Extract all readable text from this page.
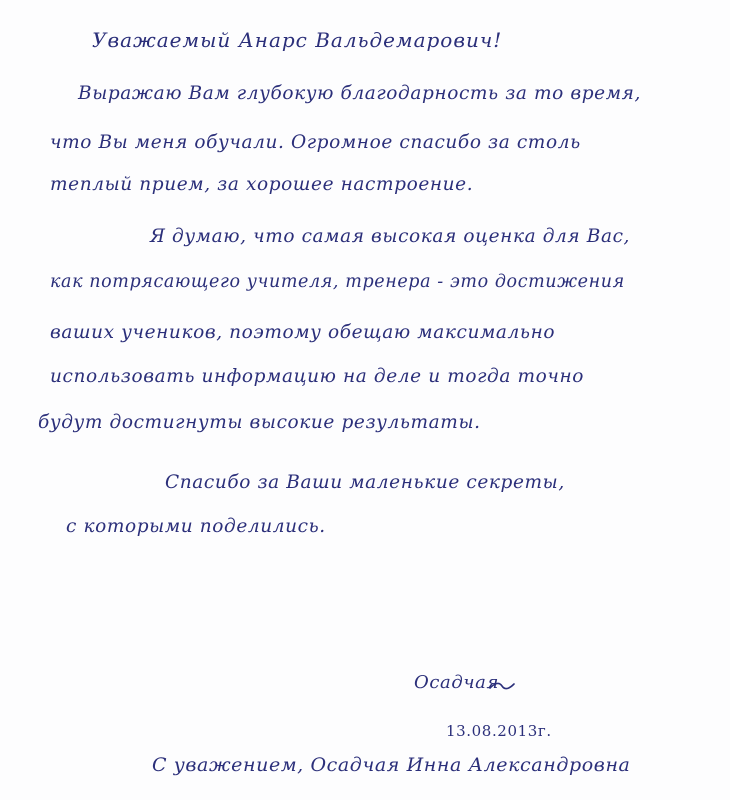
Уважаемый Анарс Вальдемарович!
Выражаю Вам глубокую благодарность за то время,
что Вы меня обучали. Огромное спасибо за столь
теплый прием, за хорошее настроение.
Я думаю, что самая высокая оценка для Вас,
как потрясающего учителя, тренера - это достижения
ваших учеников, поэтому обещаю максимально
использовать информацию на деле и тогда точно
будут достигнуты высокие результаты.
Спасибо за Ваши маленькие секреты,
с которыми поделились.
Осадчая
13.08.2013г.
С уважением, Осадчая Инна Александровна
